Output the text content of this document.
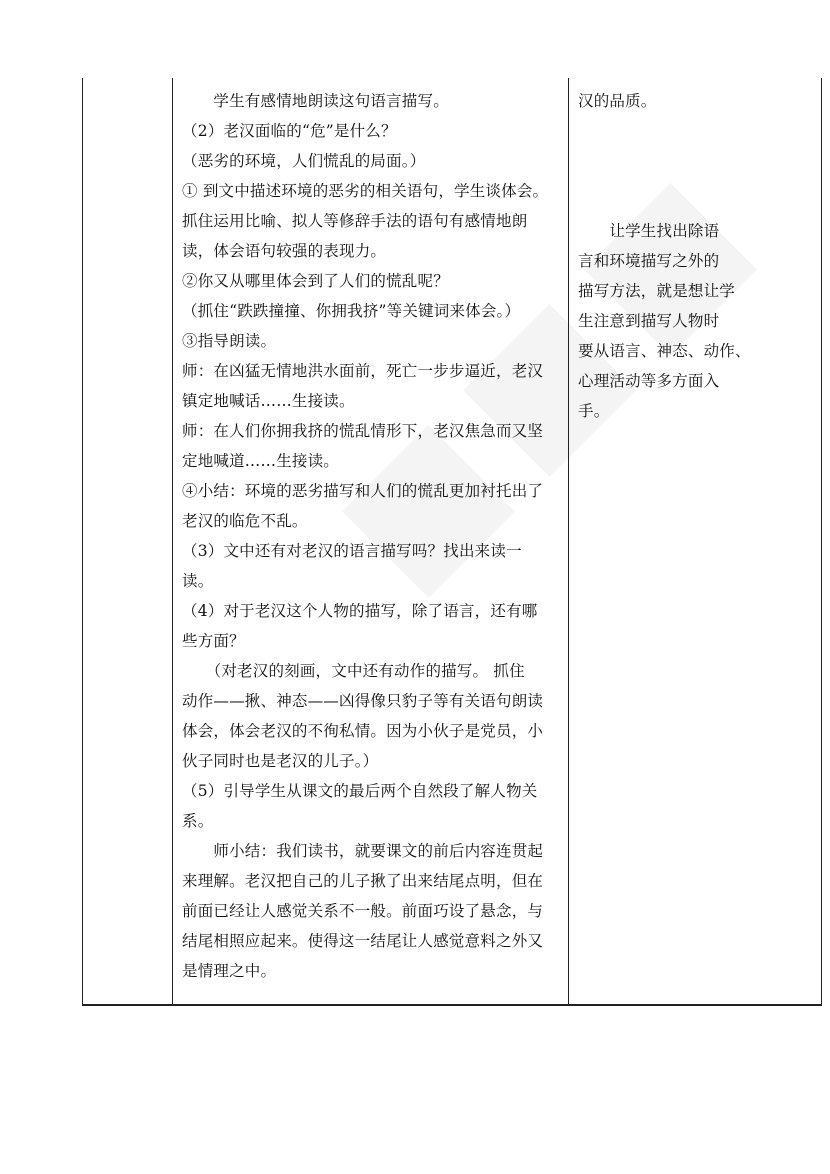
　　学生有感情地朗读这句语言描写。
（2）老汉面临的“危”是什么？
（恶劣的环境，人们慌乱的局面。）
① 到文中描述环境的恶劣的相关语句，学生谈体会。
抓住运用比喻、拟人等修辞手法的语句有感情地朗
读，体会语句较强的表现力。
②你又从哪里体会到了人们的慌乱呢？
（抓住“跌跌撞撞、你拥我挤”等关键词来体会。）
③指导朗读。
师：在凶猛无情地洪水面前，死亡一步步逼近，老汉
镇定地喊话……生接读。
师：在人们你拥我挤的慌乱情形下，老汉焦急而又坚
定地喊道……生接读。
④小结：环境的恶劣描写和人们的慌乱更加衬托出了
老汉的临危不乱。
（3）文中还有对老汉的语言描写吗？找出来读一
读。
（4）对于老汉这个人物的描写，除了语言，还有哪
些方面？
　　（对老汉的刻画，文中还有动作的描写。 抓住
动作——揪、神态——凶得像只豹子等有关语句朗读
体会，体会老汉的不徇私情。因为小伙子是党员，小
伙子同时也是老汉的儿子。）
（5）引导学生从课文的最后两个自然段了解人物关
系。
　　师小结：我们读书，就要课文的前后内容连贯起
来理解。老汉把自己的儿子揪了出来结尾点明，但在
前面已经让人感觉关系不一般。前面巧设了悬念，与
结尾相照应起来。使得这一结尾让人感觉意料之外又
是情理之中。
汉的品质。
　　让学生找出除语
言和环境描写之外的
描写方法，就是想让学
生注意到描写人物时
要从语言、神态、动作、
心理活动等多方面入
手。
